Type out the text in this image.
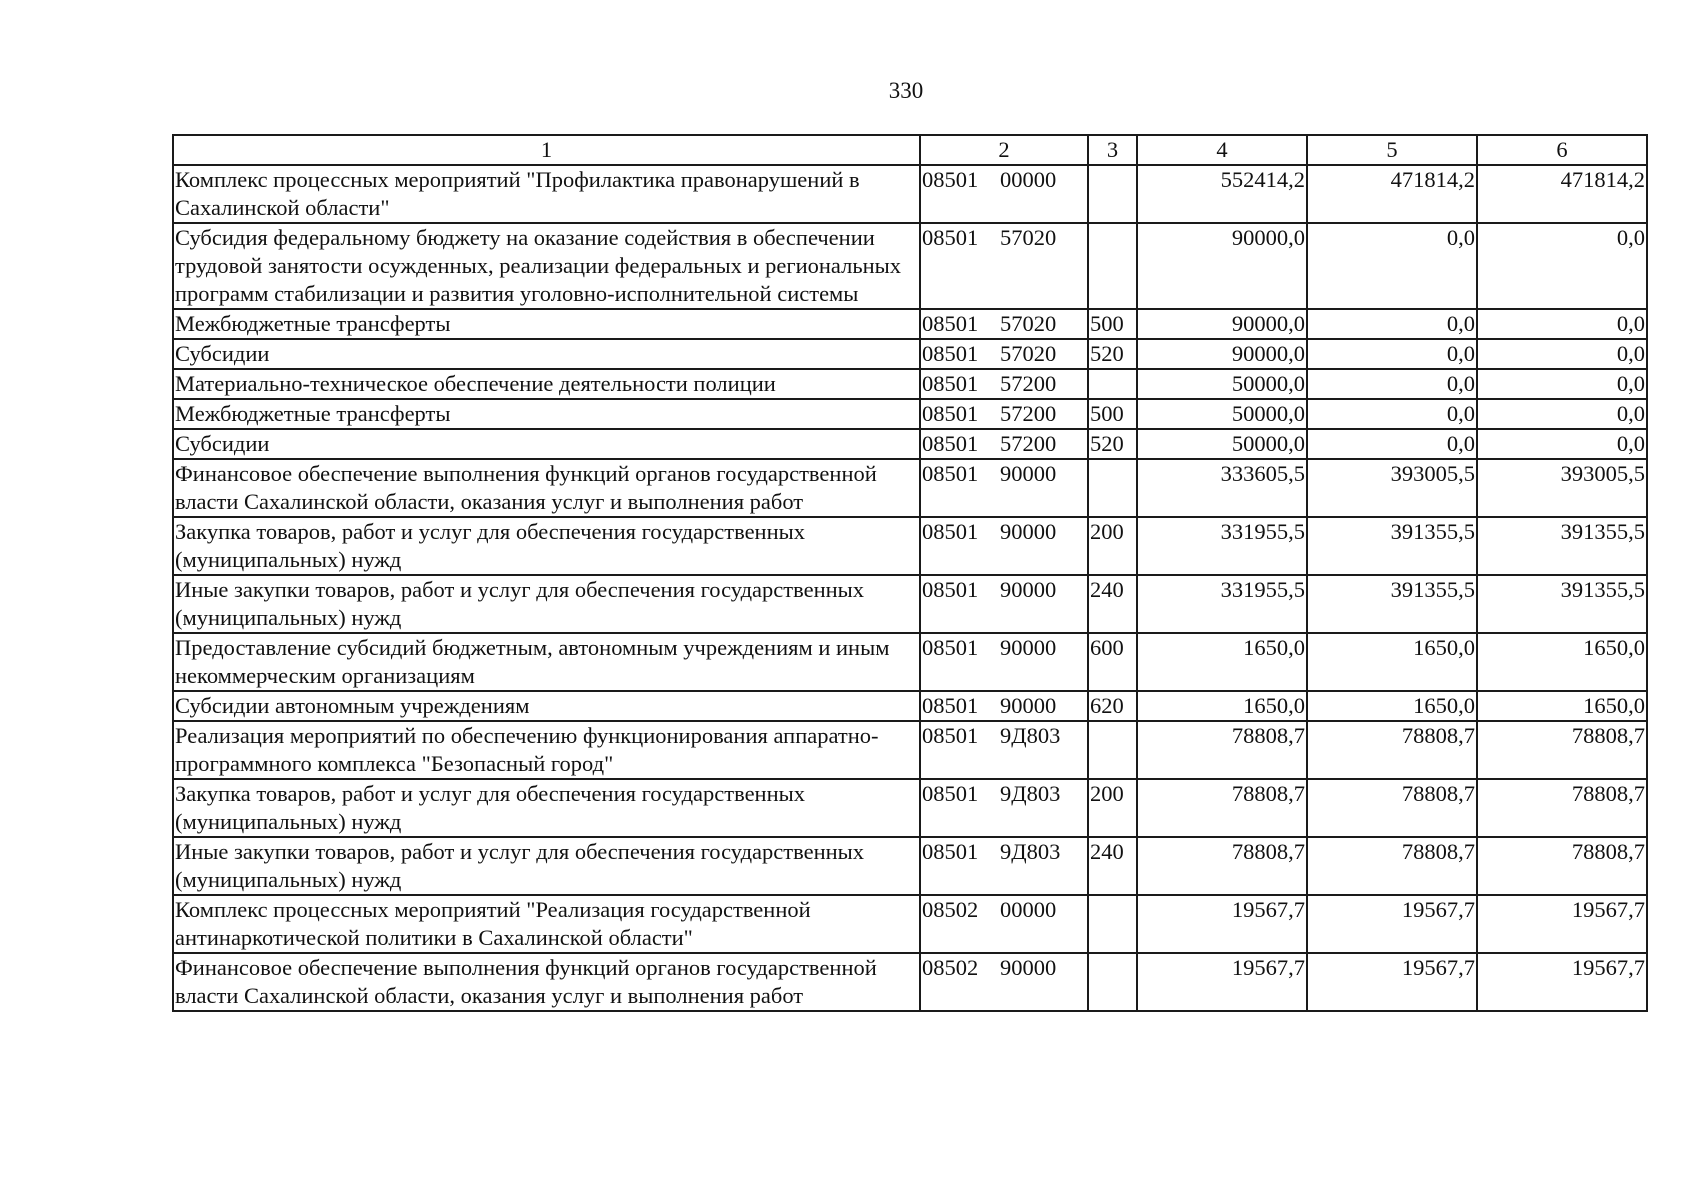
330
1	2	3	4	5	6
Комплекс процессных мероприятий "Профилактика правонарушений в Сахалинской области"	08501 00000		552414,2	471814,2	471814,2
Субсидия федеральному бюджету на оказание содействия в обеспечении трудовой занятости осужденных, реализации федеральных и региональных программ стабилизации и развития уголовно-исполнительной системы	08501 57020		90000,0	0,0	0,0
Межбюджетные трансферты	08501 57020	500	90000,0	0,0	0,0
Субсидии	08501 57020	520	90000,0	0,0	0,0
Материально-техническое обеспечение деятельности полиции	08501 57200		50000,0	0,0	0,0
Межбюджетные трансферты	08501 57200	500	50000,0	0,0	0,0
Субсидии	08501 57200	520	50000,0	0,0	0,0
Финансовое обеспечение выполнения функций органов государственной власти Сахалинской области, оказания услуг и выполнения работ	08501 90000		333605,5	393005,5	393005,5
Закупка товаров, работ и услуг для обеспечения государственных (муниципальных) нужд	08501 90000	200	331955,5	391355,5	391355,5
Иные закупки товаров, работ и услуг для обеспечения государственных (муниципальных) нужд	08501 90000	240	331955,5	391355,5	391355,5
Предоставление субсидий бюджетным, автономным учреждениям и иным некоммерческим организациям	08501 90000	600	1650,0	1650,0	1650,0
Субсидии автономным учреждениям	08501 90000	620	1650,0	1650,0	1650,0
Реализация мероприятий по обеспечению функционирования аппаратно-программного комплекса "Безопасный город"	08501 9Д803		78808,7	78808,7	78808,7
Закупка товаров, работ и услуг для обеспечения государственных (муниципальных) нужд	08501 9Д803	200	78808,7	78808,7	78808,7
Иные закупки товаров, работ и услуг для обеспечения государственных (муниципальных) нужд	08501 9Д803	240	78808,7	78808,7	78808,7
Комплекс процессных мероприятий "Реализация государственной антинаркотической политики в Сахалинской области"	08502 00000		19567,7	19567,7	19567,7
Финансовое обеспечение выполнения функций органов государственной власти Сахалинской области, оказания услуг и выполнения работ	08502 90000		19567,7	19567,7	19567,7
